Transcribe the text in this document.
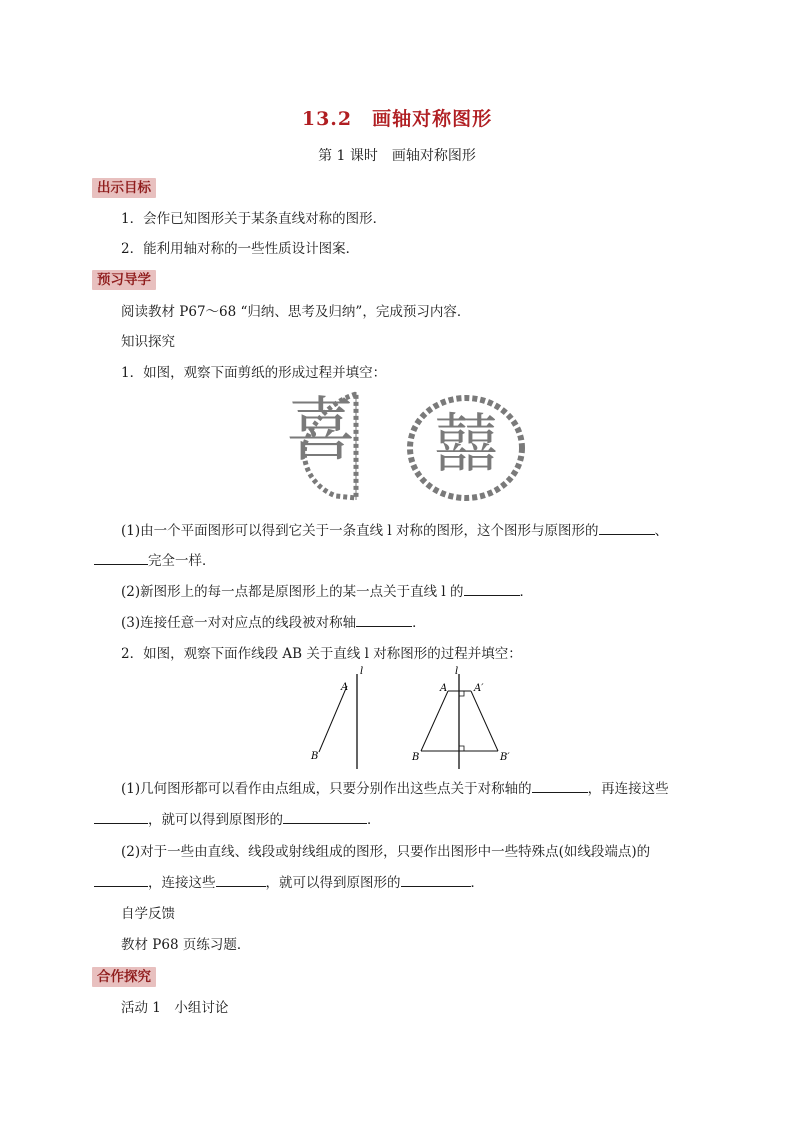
13.2　画轴对称图形
第 1 课时　画轴对称图形
出示目标
1．会作已知图形关于某条直线对称的图形．
2．能利用轴对称的一些性质设计图案．
预习导学
阅读教材 P67～68 “归纳、思考及归纳”，完成预习内容．
知识探究
1．如图，观察下面剪纸的形成过程并填空：
喜 囍
(1)由一个平面图形可以得到它关于一条直线 l 对称的图形，这个图形与原图形的	、
完全一样．
(2)新图形上的每一点都是原图形上的某一点关于直线 l 的	．
(3)连接任意一对对应点的线段被对称轴	．
2．如图，观察下面作线段 AB 关于直线 l 对称图形的过程并填空：
l
A
B
l
A	A′
B	B′
(1)几何图形都可以看作由点组成，只要分别作出这些点关于对称轴的	，再连接这些
，就可以得到原图形的	．
(2)对于一些由直线、线段或射线组成的图形，只要作出图形中一些特殊点(如线段端点)的
，连接这些	，就可以得到原图形的	．
自学反馈
教材 P68 页练习题．
合作探究
活动 1　小组讨论
